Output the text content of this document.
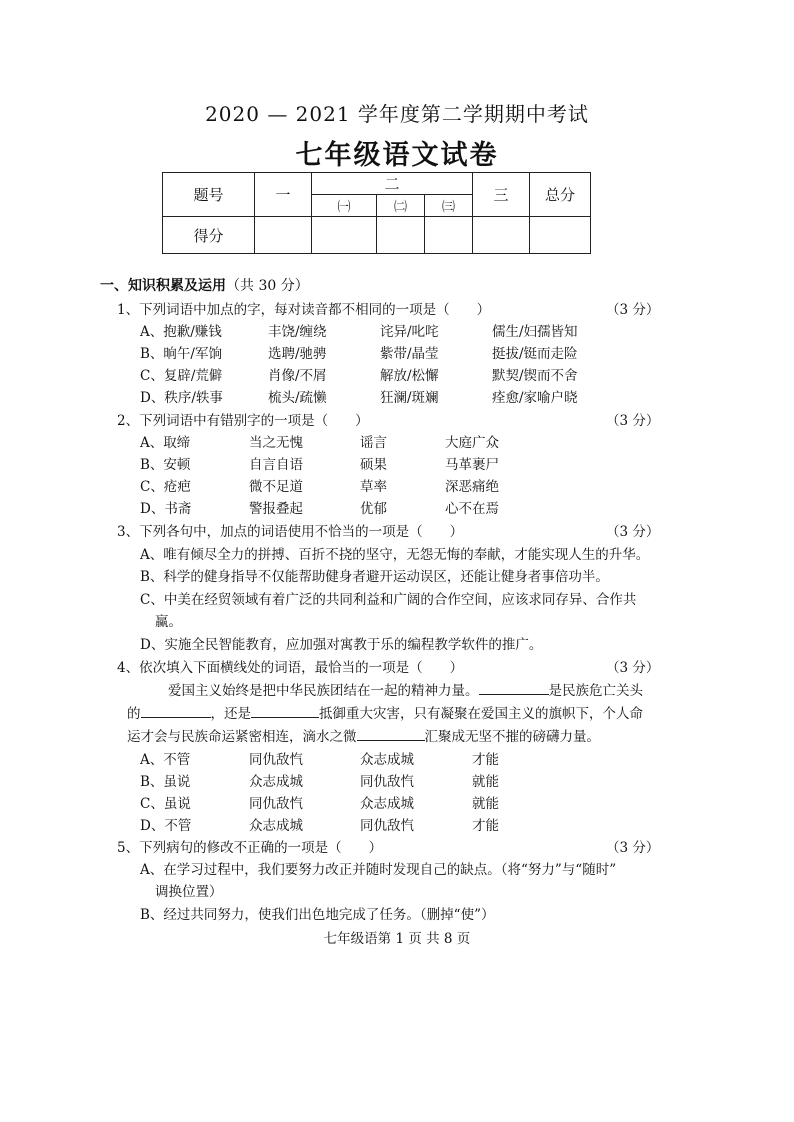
2020 — 2021 学年度第二学期期中考试
七年级语文试卷
题号	一	二			三	总分
		㈠	㈡	㈢		
得分						
一、知识积累及运用（共 30 分）
1、下列词语中加点的字，每对读音都不相同的一项是（　　）	（3 分）
A、抱歉/赚钱	丰饶/缠绕	诧异/叱咤	儒生/妇孺皆知
B、晌午/军饷	选聘/驰骋	紫带/晶莹	挺拔/铤而走险
C、复辟/荒僻	肖像/不屑	解放/松懈	默契/锲而不舍
D、秩序/轶事	梳头/疏懒	狂澜/斑斓	痊愈/家喻户晓
2、下列词语中有错别字的一项是（　　）	（3 分）
A、取缔	当之无愧	谣言	大庭广众
B、安顿	自言自语	硕果	马革裹尸
C、疮疤	微不足道	草率	深恶痛绝
D、书斋	警报叠起	优郁	心不在焉
3、下列各句中，加点的词语使用不恰当的一项是（　　）	（3 分）
A、唯有倾尽全力的拼搏、百折不挠的坚守，无怨无悔的奉献，才能实现人生的升华。
B、科学的健身指导不仅能帮助健身者避开运动误区，还能让健身者事倍功半。
C、中美在经贸领域有着广泛的共同利益和广阔的合作空间，应该求同存异、合作共
赢。
D、实施全民智能教育，应加强对寓教于乐的编程教学软件的推广。
4、依次填入下面横线处的词语，最恰当的一项是（　　）	（3 分）
爱国主义始终是把中华民族团结在一起的精神力量。	是民族危亡关头
的	，还是	抵御重大灾害，只有凝聚在爱国主义的旗帜下，个人命
运才会与民族命运紧密相连，滴水之微	汇聚成无坚不摧的磅礴力量。
A、不管	同仇敌忾	众志成城	才能
B、虽说	众志成城	同仇敌忾	就能
C、虽说	同仇敌忾	众志成城	就能
D、不管	众志成城	同仇敌忾	才能
5、下列病句的修改不正确的一项是（　　）	（3 分）
A、在学习过程中，我们要努力改正并随时发现自己的缺点。（将“努力”与“随时”
调换位置）
B、经过共同努力，使我们出色地完成了任务。（删掉“使”）
七年级语第 1 页 共 8 页
